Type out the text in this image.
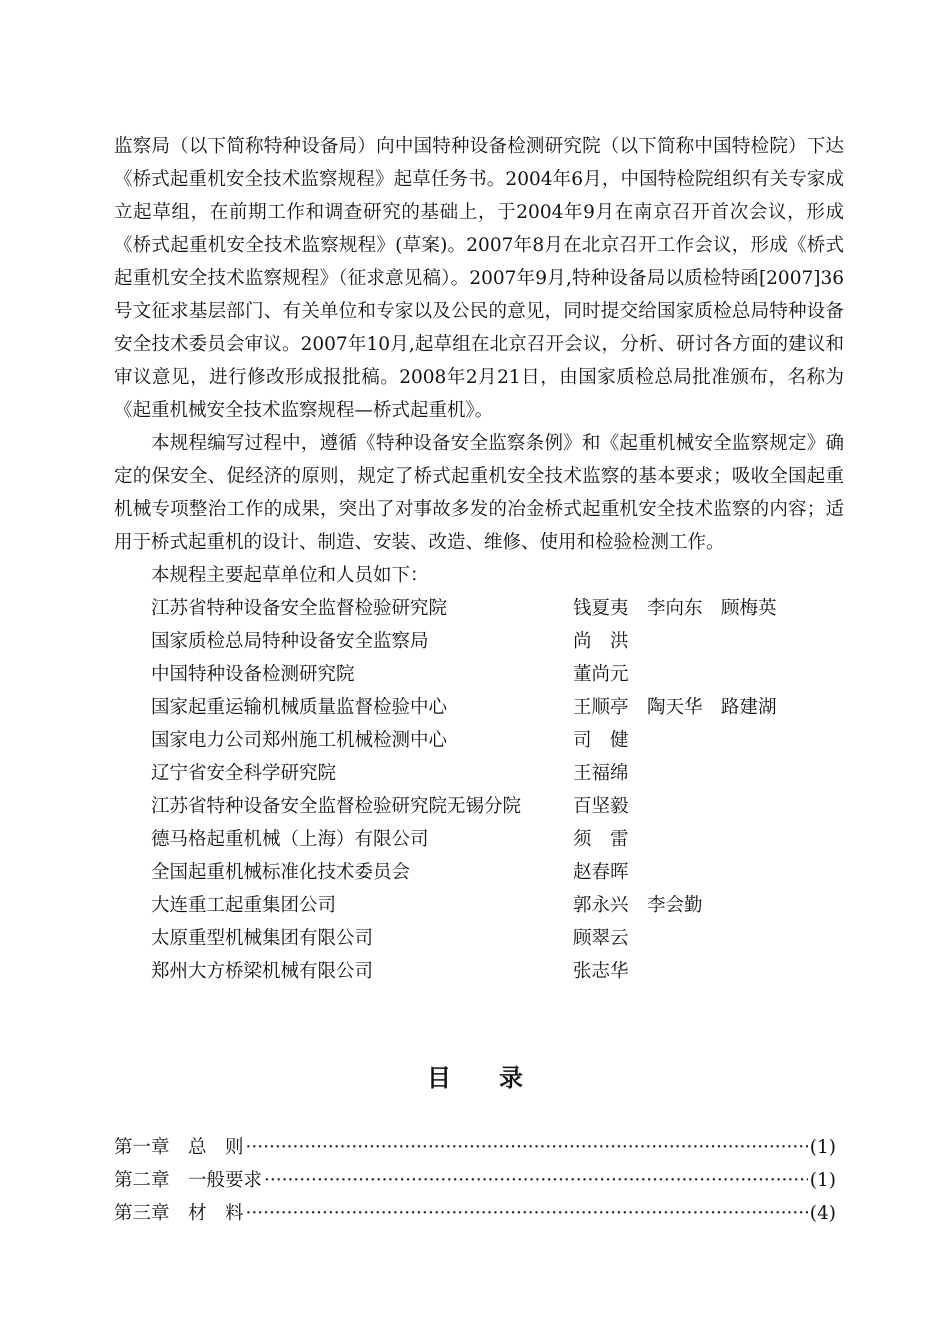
监察局（以下简称特种设备局）向中国特种设备检测研究院（以下简称中国特检院）下达《桥式起重机安全技术监察规程》起草任务书。2004年6月，中国特检院组织有关专家成立起草组，在前期工作和调查研究的基础上，于2004年9月在南京召开首次会议，形成《桥式起重机安全技术监察规程》(草案)。2007年8月在北京召开工作会议，形成《桥式起重机安全技术监察规程》（征求意见稿）。2007年9月,特种设备局以质检特函[2007]36号文征求基层部门、有关单位和专家以及公民的意见，同时提交给国家质检总局特种设备安全技术委员会审议。2007年10月,起草组在北京召开会议，分析、研讨各方面的建议和审议意见，进行修改形成报批稿。2008年2月21日，由国家质检总局批准颁布，名称为《起重机械安全技术监察规程—桥式起重机》。

本规程编写过程中，遵循《特种设备安全监察条例》和《起重机械安全监察规定》确定的保安全、促经济的原则，规定了桥式起重机安全技术监察的基本要求；吸收全国起重机械专项整治工作的成果，突出了对事故多发的冶金桥式起重机安全技术监察的内容；适用于桥式起重机的设计、制造、安装、改造、维修、使用和检验检测工作。

本规程主要起草单位和人员如下：

江苏省特种设备安全监督检验研究院	钱夏夷　李向东　顾梅英
国家质检总局特种设备安全监察局	尚　洪
中国特种设备检测研究院	董尚元
国家起重运输机械质量监督检验中心	王顺亭　陶天华　路建湖
国家电力公司郑州施工机械检测中心	司　健
辽宁省安全科学研究院	王福绵
江苏省特种设备安全监督检验研究院无锡分院	百坚毅
德马格起重机械（上海）有限公司	须　雷
全国起重机械标准化技术委员会	赵春晖
大连重工起重集团公司	郭永兴　李会勤
太原重型机械集团有限公司	顾翠云
郑州大方桥梁机械有限公司	张志华
目录
第一章　总　则 ·····	(1)
第二章　一般要求 ·····	(1)
第三章　材　料 ·····	(4)
